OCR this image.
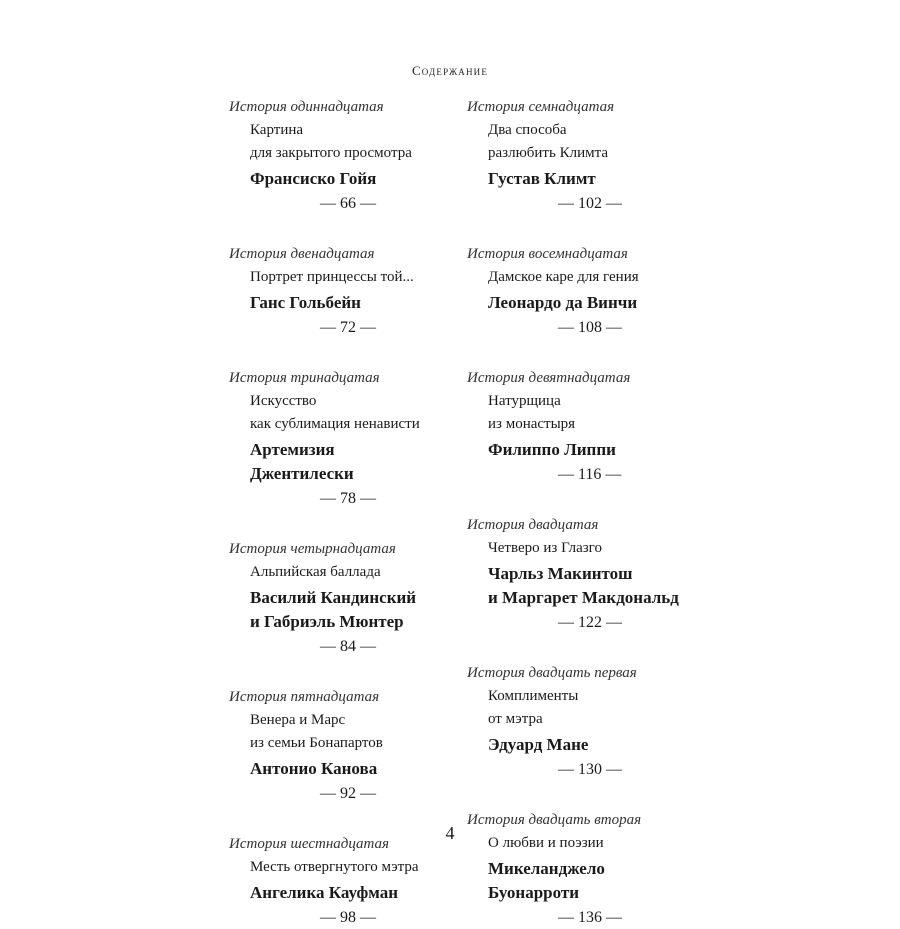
Содержание
История одиннадцатая
Картина
для закрытого просмотра
Франсиско Гойя
— 66 —
История двенадцатая
Портрет принцессы той...
Ганс Гольбейн
— 72 —
История тринадцатая
Искусство
как сублимация ненависти
Артемизия
Джентилески
— 78 —
История четырнадцатая
Альпийская баллада
Василий Кандинский
и Габриэль Мюнтер
— 84 —
История пятнадцатая
Венера и Марс
из семьи Бонапартов
Антонио Канова
— 92 —
История шестнадцатая
Месть отвергнутого мэтра
Ангелика Кауфман
— 98 —
История семнадцатая
Два способа
разлюбить Климта
Густав Климт
— 102 —
История восемнадцатая
Дамское каре для гения
Леонардо да Винчи
— 108 —
История девятнадцатая
Натурщица
из монастыря
Филиппо Липпи
— 116 —
История двадцатая
Четверо из Глазго
Чарльз Макинтош
и Маргарет Макдональд
— 122 —
История двадцать первая
Комплименты
от мэтра
Эдуард Мане
— 130 —
История двадцать вторая
О любви и поэзии
Микеланджело
Буонарроти
— 136 —
4
